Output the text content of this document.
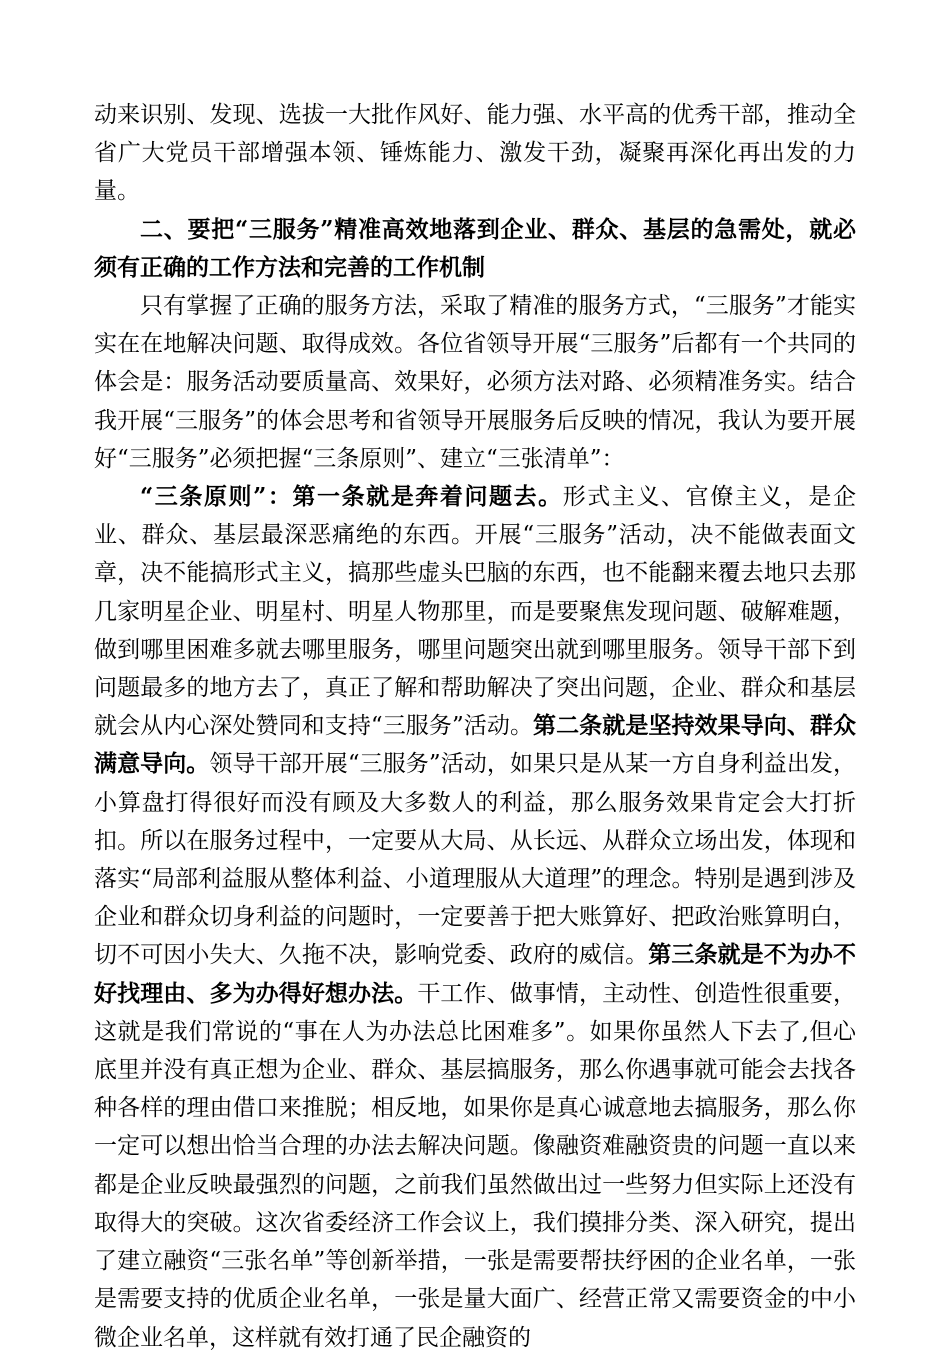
动来识别、发现、选拔一大批作风好、能力强、水平高的优秀干部，推动全省广大党员干部增强本领、锤炼能力、激发干劲，凝聚再深化再出发的力量。

二、要把“三服务”精准高效地落到企业、群众、基层的急需处，就必须有正确的工作方法和完善的工作机制

只有掌握了正确的服务方法，采取了精准的服务方式，“三服务”才能实实在在地解决问题、取得成效。各位省领导开展“三服务”后都有一个共同的体会是：服务活动要质量高、效果好，必须方法对路、必须精准务实。结合我开展“三服务”的体会思考和省领导开展服务后反映的情况，我认为要开展好“三服务”必须把握“三条原则”、建立“三张清单”：

“三条原则”：第一条就是奔着问题去。形式主义、官僚主义，是企业、群众、基层最深恶痛绝的东西。开展“三服务”活动，决不能做表面文章，决不能搞形式主义，搞那些虚头巴脑的东西，也不能翻来覆去地只去那几家明星企业、明星村、明星人物那里，而是要聚焦发现问题、破解难题，做到哪里困难多就去哪里服务，哪里问题突出就到哪里服务。领导干部下到问题最多的地方去了，真正了解和帮助解决了突出问题，企业、群众和基层就会从内心深处赞同和支持“三服务”活动。第二条就是坚持效果导向、群众满意导向。领导干部开展“三服务”活动，如果只是从某一方自身利益出发，小算盘打得很好而没有顾及大多数人的利益，那么服务效果肯定会大打折扣。所以在服务过程中，一定要从大局、从长远、从群众立场出发，体现和落实“局部利益服从整体利益、小道理服从大道理”的理念。特别是遇到涉及企业和群众切身利益的问题时，一定要善于把大账算好、把政治账算明白，切不可因小失大、久拖不决，影响党委、政府的威信。第三条就是不为办不好找理由、多为办得好想办法。干工作、做事情，主动性、创造性很重要，这就是我们常说的“事在人为办法总比困难多”。如果你虽然人下去了,但心底里并没有真正想为企业、群众、基层搞服务，那么你遇事就可能会去找各种各样的理由借口来推脱；相反地，如果你是真心诚意地去搞服务，那么你一定可以想出恰当合理的办法去解决问题。像融资难融资贵的问题一直以来都是企业反映最强烈的问题，之前我们虽然做出过一些努力但实际上还没有取得大的突破。这次省委经济工作会议上，我们摸排分类、深入研究，提出了建立融资“三张名单”等创新举措，一张是需要帮扶纾困的企业名单，一张是需要支持的优质企业名单，一张是量大面广、经营正常又需要资金的中小微企业名单，这样就有效打通了民企融资的
